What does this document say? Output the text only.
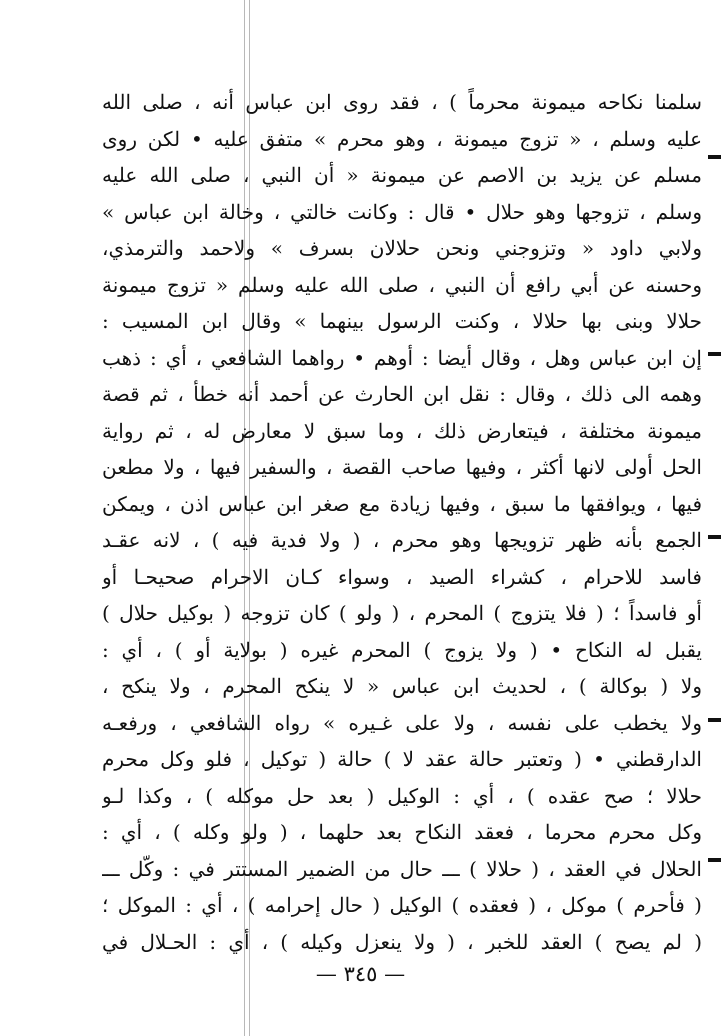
سلمنا نكاحه ميمونة محرماً ) ، فقد روى ابن عباس أنه ، صلى الله
عليه وسلم ، « تزوج ميمونة ، وهو محرم » متفق عليه • لكن روى
مسلم عن يزيد بن الاصم عن ميمونة « أن النبي ، صلى الله عليه
وسلم ، تزوجها وهو حلال • قال : وكانت خالتي ، وخالة ابن عباس »
ولابي داود « وتزوجني ونحن حلالان بسرف » ولاحمد والترمذي،
وحسنه عن أبي رافع أن النبي ، صلى الله عليه وسلم « تزوج ميمونة
حلالا وبنى بها حلالا ، وكنت الرسول بينهما » وقال ابن المسيب :
إن ابن عباس وهل ، وقال أيضا : أوهم • رواهما الشافعي ، أي : ذهب
وهمه الى ذلك ، وقال : نقل ابن الحارث عن أحمد أنه خطأ ، ثم قصة
ميمونة مختلفة ، فيتعارض ذلك ، وما سبق لا معارض له ، ثم رواية
الحل أولى لانها أكثر ، وفيها صاحب القصة ، والسفير فيها ، ولا مطعن
فيها ، ويوافقها ما سبق ، وفيها زيادة مع صغر ابن عباس اذن ، ويمكن
الجمع بأنه ظهر تزويجها وهو محرم ، ( ولا فدية فيه ) ، لانه عقـد
فاسد للاحرام ، كشراء الصيد ، وسواء كـان الاحرام صحيحـا أو
أو فاسداً ؛ ( فلا يتزوج ) المحرم ، ( ولو ) كان تزوجه ( بوكيل حلال )
يقبل له النكاح • ( ولا يزوج ) المحرم غيره ( بولاية أو ) ، أي :
ولا ( بوكالة ) ، لحديث ابن عباس « لا ينكح المحرم ، ولا ينكح ،
ولا يخطب على نفسه ، ولا على غـيره » رواه الشافعي ، ورفعـه
الدارقطني • ( وتعتبر حالة عقد لا ) حالة ( توكيل ، فلو وكل محرم
حلالا ؛ صح عقده ) ، أي : الوكيل ( بعد حل موكله ) ، وكذا لـو
وكل محرم محرما ، فعقد النكاح بعد حلهما ، ( ولو وكله ) ، أي :
الحلال في العقد ، ( حلالا ) ـــ حال من الضمير المستتر في : وكّل ـــ
( فأحرم ) موكل ، ( فعقده ) الوكيل ( حال إحرامه ) ، أي : الموكل ؛
( لم يصح ) العقد للخبر ، ( ولا ينعزل وكيله ) ، أي : الحـلال في
— ٣٤٥ —
